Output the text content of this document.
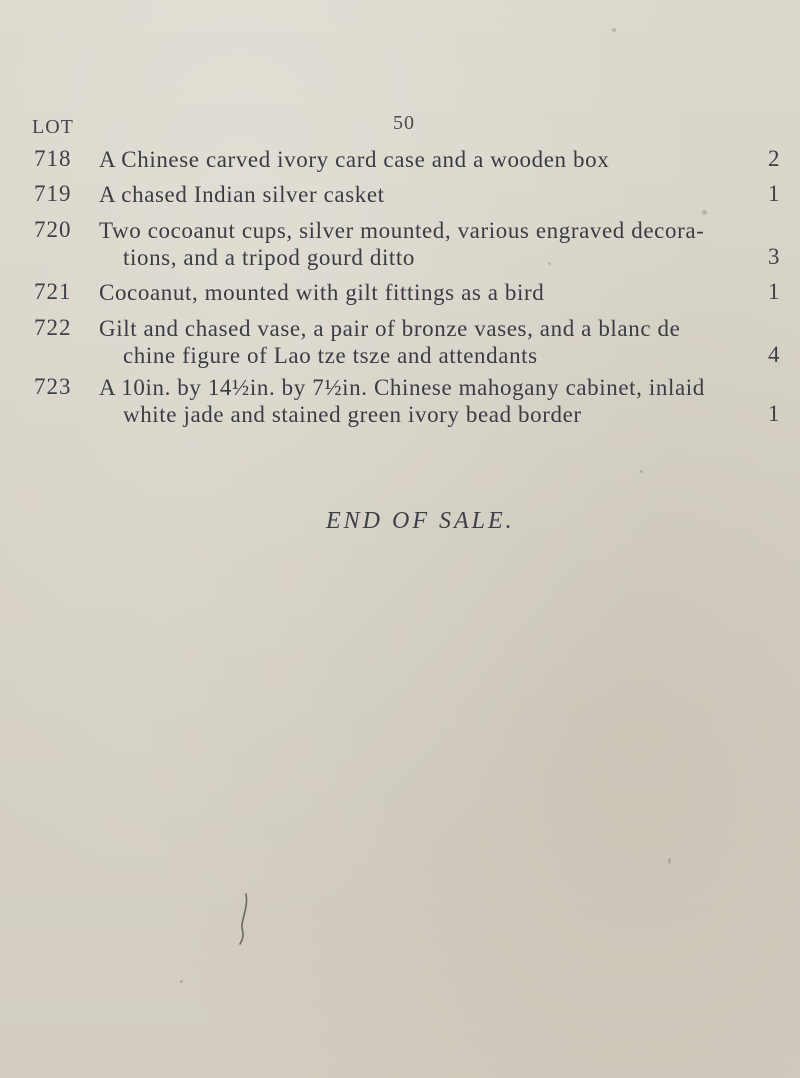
50
LOT
718 A Chinese carved ivory card case and a wooden box	2
719 A chased Indian silver casket	1
720 Two cocoanut cups, silver mounted, various engraved decora-
tions, and a tripod gourd ditto	3
721 Cocoanut, mounted with gilt fittings as a bird	1
722 Gilt and chased vase, a pair of bronze vases, and a blanc de
chine figure of Lao tze tsze and attendants	4
723 A 10in. by 14½in. by 7½in. Chinese mahogany cabinet, inlaid
white jade and stained green ivory bead border	1
END OF SALE.
